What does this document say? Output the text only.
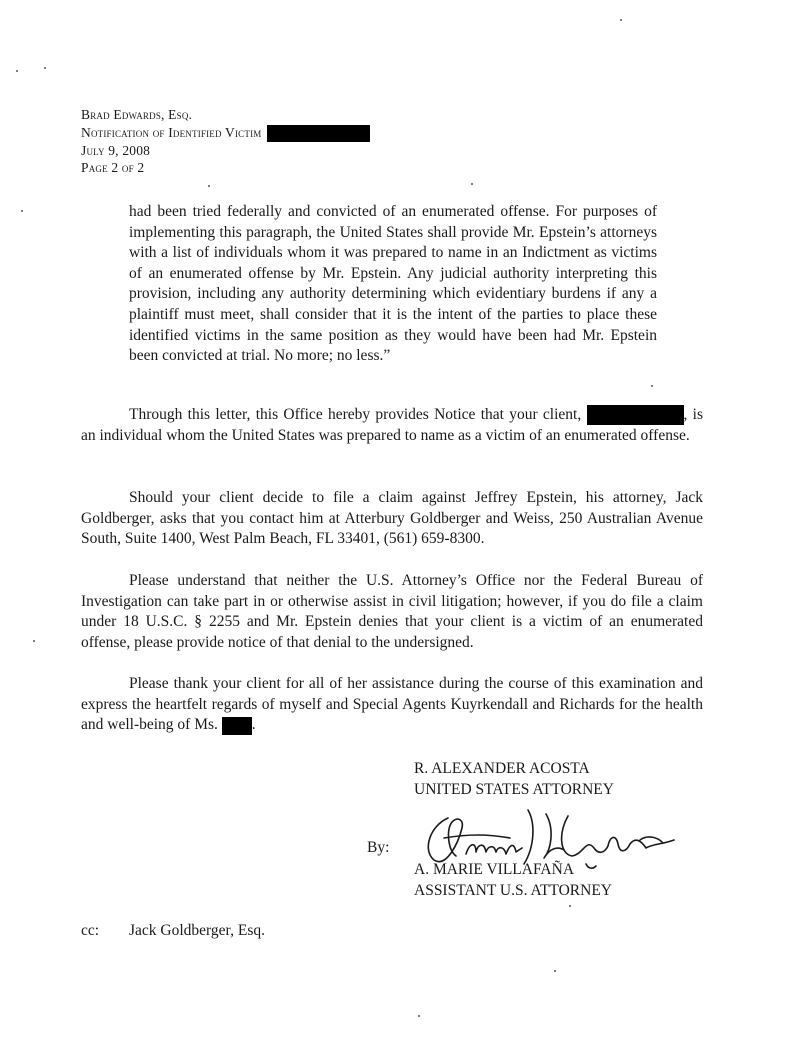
Brad Edwards, Esq.
Notification of Identified Victim
July 9, 2008
Page 2 of 2
had been tried federally and convicted of an enumerated offense. For purposes of implementing this paragraph, the United States shall provide Mr. Epstein’s attorneys with a list of individuals whom it was prepared to name in an Indictment as victims of an enumerated offense by Mr. Epstein. Any judicial authority interpreting this provision, including any authority determining which evidentiary burdens if any a plaintiff must meet, shall consider that it is the intent of the parties to place these identified victims in the same position as they would have been had Mr. Epstein been convicted at trial. No more; no less.”
Through this letter, this Office hereby provides Notice that your client,	, is an individual whom the United States was prepared to name as a victim of an enumerated offense.
Should your client decide to file a claim against Jeffrey Epstein, his attorney, Jack Goldberger, asks that you contact him at Atterbury Goldberger and Weiss, 250 Australian Avenue South, Suite 1400, West Palm Beach, FL 33401, (561) 659-8300.
Please understand that neither the U.S. Attorney’s Office nor the Federal Bureau of Investigation can take part in or otherwise assist in civil litigation; however, if you do file a claim under 18 U.S.C. § 2255 and Mr. Epstein denies that your client is a victim of an enumerated offense, please provide notice of that denial to the undersigned.
Please thank your client for all of her assistance during the course of this examination and express the heartfelt regards of myself and Special Agents Kuyrkendall and Richards for the health and well-being of Ms. .
R. ALEXANDER ACOSTA
UNITED STATES ATTORNEY
By:
A. MARIE VILLAFAÑA
ASSISTANT U.S. ATTORNEY
cc: Jack Goldberger, Esq.
